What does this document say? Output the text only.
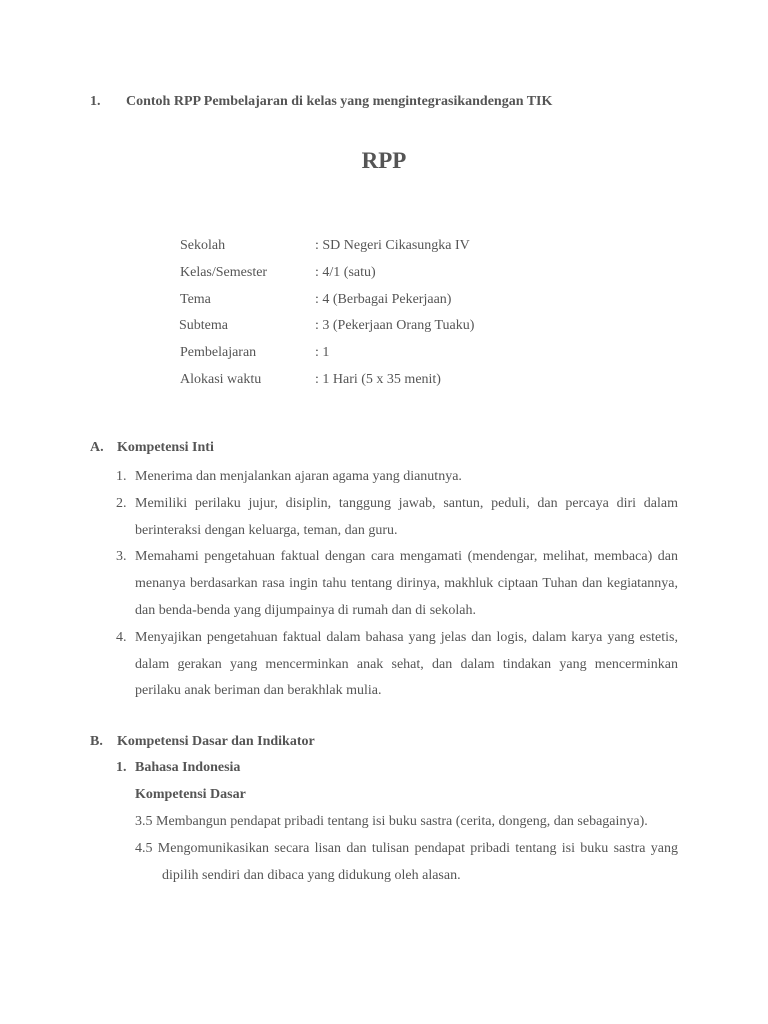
1. Contoh RPP Pembelajaran di kelas yang mengintegrasikandengan TIK
RPP
Sekolah	: SD Negeri Cikasungka IV
Kelas/Semester	: 4/1 (satu)
Tema	: 4 (Berbagai Pekerjaan)
Subtema	: 3 (Pekerjaan Orang Tuaku)
Pembelajaran	: 1
Alokasi waktu	: 1 Hari (5 x 35 menit)
A. Kompetensi Inti
1. Menerima dan menjalankan ajaran agama yang dianutnya.
2. Memiliki perilaku jujur, disiplin, tanggung jawab, santun, peduli, dan percaya diri dalam berinteraksi dengan keluarga, teman, dan guru.
3. Memahami pengetahuan faktual dengan cara mengamati (mendengar, melihat, membaca) dan menanya berdasarkan rasa ingin tahu tentang dirinya, makhluk ciptaan Tuhan dan kegiatannya, dan benda-benda yang dijumpainya di rumah dan di sekolah.
4. Menyajikan pengetahuan faktual dalam bahasa yang jelas dan logis, dalam karya yang estetis, dalam gerakan yang mencerminkan anak sehat, dan dalam tindakan yang mencerminkan perilaku anak beriman dan berakhlak mulia.
B. Kompetensi Dasar dan Indikator
1. Bahasa Indonesia
Kompetensi Dasar
3.5 Membangun pendapat pribadi tentang isi buku sastra (cerita, dongeng, dan sebagainya).
4.5 Mengomunikasikan secara lisan dan tulisan pendapat pribadi tentang isi buku sastra yang dipilih sendiri dan dibaca yang didukung oleh alasan.
